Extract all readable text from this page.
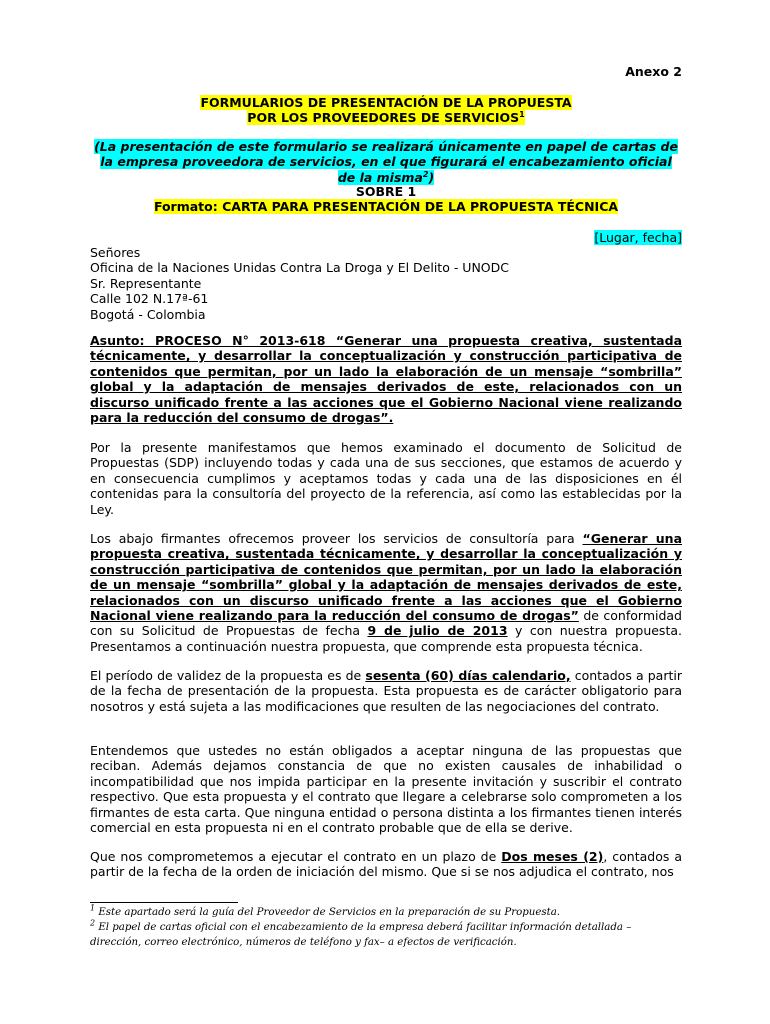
Anexo 2
FORMULARIOS DE PRESENTACIÓN DE LA PROPUESTA
POR LOS PROVEEDORES DE SERVICIOS$^1$
(La presentación de este formulario se realizará únicamente en papel de cartas de la empresa proveedora de servicios, en el que figurará el encabezamiento oficial de la misma$^2$)
SOBRE 1
Formato: CARTA PARA PRESENTACIÓN DE LA PROPUESTA TÉCNICA
[Lugar, fecha]
Señores
Oficina de la Naciones Unidas Contra La Droga y El Delito - UNODC
Sr. Representante
Calle 102 N.17ª-61
Bogotá - Colombia
Asunto: PROCESO N° 2013-618 “Generar una propuesta creativa, sustentada técnicamente, y desarrollar la conceptualización y construcción participativa de contenidos que permitan, por un lado la elaboración de un mensaje “sombrilla” global y la adaptación de mensajes derivados de este, relacionados con un discurso unificado frente a las acciones que el Gobierno Nacional viene realizando para la reducción del consumo de drogas”.
Por la presente manifestamos que hemos examinado el documento de Solicitud de Propuestas (SDP) incluyendo todas y cada una de sus secciones, que estamos de acuerdo y en consecuencia cumplimos y aceptamos todas y cada una de las disposiciones en él contenidas para la consultoría del proyecto de la referencia, así como las establecidas por la Ley.
Los abajo firmantes ofrecemos proveer los servicios de consultoría para “Generar una propuesta creativa, sustentada técnicamente, y desarrollar la conceptualización y construcción participativa de contenidos que permitan, por un lado la elaboración de un mensaje “sombrilla” global y la adaptación de mensajes derivados de este, relacionados con un discurso unificado frente a las acciones que el Gobierno Nacional viene realizando para la reducción del consumo de drogas” de conformidad con su Solicitud de Propuestas de fecha 9 de julio de 2013 y con nuestra propuesta. Presentamos a continuación nuestra propuesta, que comprende esta propuesta técnica.
El período de validez de la propuesta es de sesenta (60) días calendario, contados a partir de la fecha de presentación de la propuesta. Esta propuesta es de carácter obligatorio para nosotros y está sujeta a las modificaciones que resulten de las negociaciones del contrato.
Entendemos que ustedes no están obligados a aceptar ninguna de las propuestas que reciban. Además dejamos constancia de que no existen causales de inhabilidad o incompatibilidad que nos impida participar en la presente invitación y suscribir el contrato respectivo. Que esta propuesta y el contrato que llegare a celebrarse solo comprometen a los firmantes de esta carta. Que ninguna entidad o persona distinta a los firmantes tienen interés comercial en esta propuesta ni en el contrato probable que de ella se derive.
Que nos comprometemos a ejecutar el contrato en un plazo de Dos meses (2), contados a partir de la fecha de la orden de iniciación del mismo. Que si se nos adjudica el contrato, nos
$^1$ Este apartado será la guía del Proveedor de Servicios en la preparación de su Propuesta.
$^2$ El papel de cartas oficial con el encabezamiento de la empresa deberá facilitar información detallada –dirección, correo electrónico, números de teléfono y fax– a efectos de verificación.
